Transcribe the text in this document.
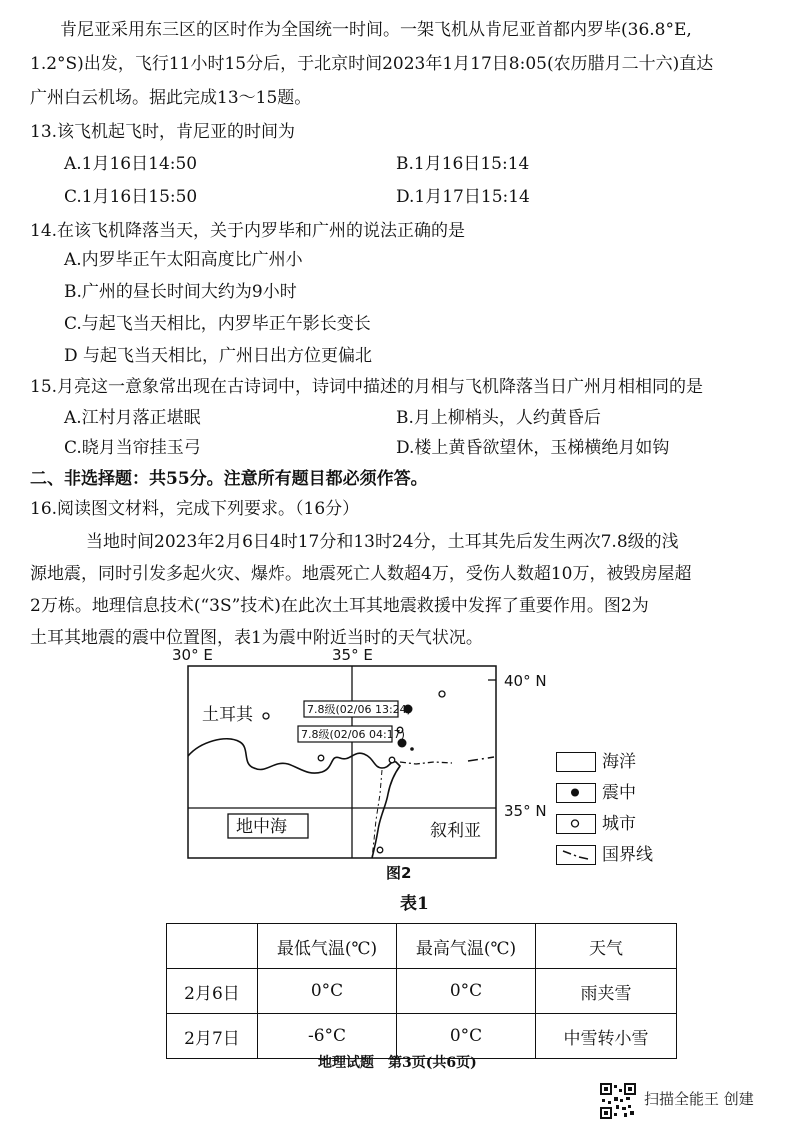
肯尼亚采用东三区的区时作为全国统一时间。一架飞机从肯尼亚首都内罗毕(36.8°E,
1.2°S)出发，飞行11小时15分后，于北京时间2023年1月17日8:05(农历腊月二十六)直达
广州白云机场。据此完成13～15题。
13.该飞机起飞时，肯尼亚的时间为
A.1月16日14:50	B.1月16日15:14
C.1月16日15:50	D.1月17日15:14
14.在该飞机降落当天，关于内罗毕和广州的说法正确的是
A.内罗毕正午太阳高度比广州小
B.广州的昼长时间大约为9小时
C.与起飞当天相比，内罗毕正午影长变长
D 与起飞当天相比，广州日出方位更偏北
15.月亮这一意象常出现在古诗词中，诗词中描述的月相与飞机降落当日广州月相相同的是
A.江村月落正堪眠	B.月上柳梢头，人约黄昏后
C.晓月当帘挂玉弓	D.楼上黄昏欲望休，玉梯横绝月如钩
二、非选择题：共55分。注意所有题目都必须作答。
16.阅读图文材料，完成下列要求。（16分）
当地时间2023年2月6日4时17分和13时24分，土耳其先后发生两次7.8级的浅
源地震，同时引发多起火灾、爆炸。地震死亡人数超4万，受伤人数超10万，被毁房屋超
2万栋。地理信息技术(“3S”技术)在此次土耳其地震救援中发挥了重要作用。图2为
土耳其地震的震中位置图，表1为震中附近当时的天气状况。
7.8级(02/06 13:24)
7.8级(02/06 04:17)
土耳其
地中海	叙利亚
30° E	35° E
40° N
35° N
图2
海洋
震中
城市
国界线
表1
	最低气温(℃)	最高气温(℃)	天气
2月6日	0°C	0°C	雨夹雪
2月7日	-6°C	0°C	中雪转小雪
地理试题　第3页(共6页)
扫描全能王 创建
